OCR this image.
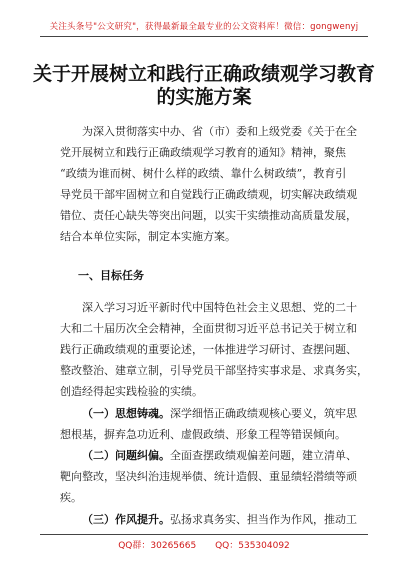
关注头条号"公文研究"，获得最新最全最专业的公文资料库！微信：gongwenyj
关于开展树立和践行正确政绩观学习教育
的实施方案
为深入贯彻落实中办、省（市）委和上级党委《关于在全
党开展树立和践行正确政绩观学习教育的通知》精神，聚焦
“政绩为谁而树、树什么样的政绩、靠什么树政绩”，教育引
导党员干部牢固树立和自觉践行正确政绩观，切实解决政绩观
错位、责任心缺失等突出问题，以实干实绩推动高质量发展，
结合本单位实际，制定本实施方案。
一、目标任务
深入学习习近平新时代中国特色社会主义思想、党的二十
大和二十届历次全会精神，全面贯彻习近平总书记关于树立和
践行正确政绩观的重要论述，一体推进学习研讨、查摆问题、
整改整治、建章立制，引导党员干部坚持实事求是、求真务实，
创造经得起实践检验的实绩。
（一）思想铸魂。深学细悟正确政绩观核心要义，筑牢思
想根基，摒弃急功近利、虚假政绩、形象工程等错误倾向。
（二）问题纠偏。全面查摆政绩观偏差问题，建立清单、
靶向整改，坚决纠治违规举债、统计造假、重显绩轻潜绩等顽
疾。
（三）作风提升。弘扬求真务实、担当作为作风，推动工
QQ群：30265665 QQ：535304092
